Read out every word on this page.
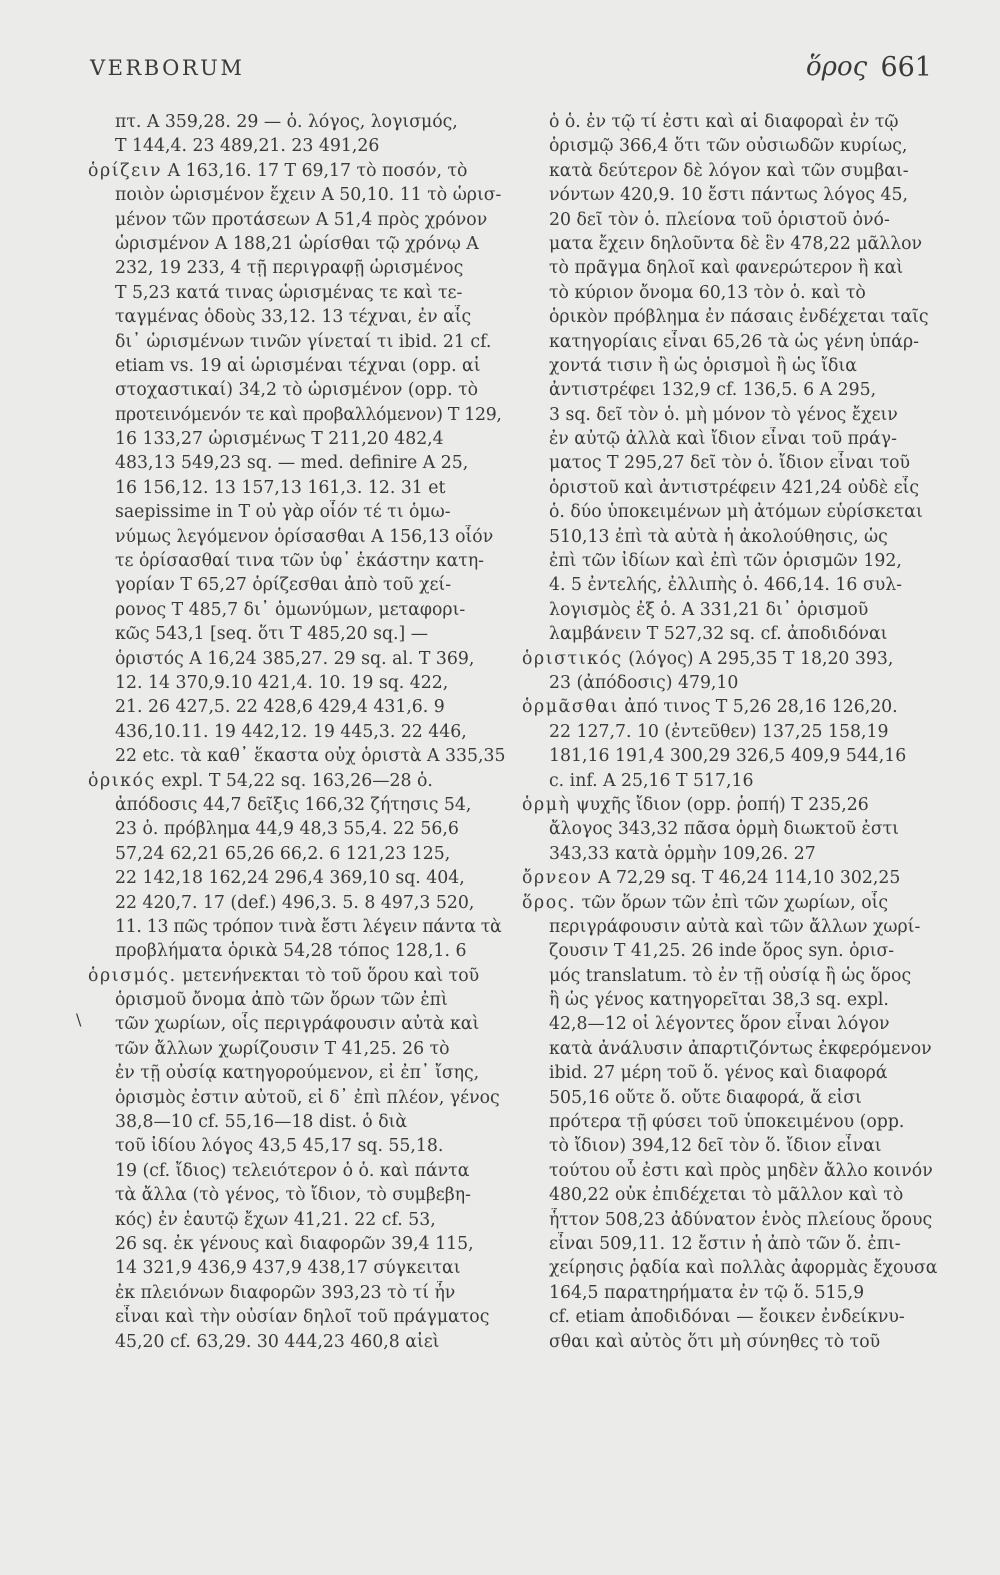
VERBORUM	ὅρος 661
πτ. Α 359,28. 29 — ὁ. λόγος, λογισμός,
Τ 144,4. 23 489,21. 23 491,26
ὁρίζειν Α 163,16. 17 Τ 69,17 τὸ ποσόν, τὸ
ποιὸν ὡρισμένον ἔχειν Α 50,10. 11 τὸ ὡρισ-
μένον τῶν προτάσεων Α 51,4 πρὸς χρόνον
ὡρισμένον Α 188,21 ὡρίσθαι τῷ χρόνῳ Α
232, 19 233, 4 τῇ περιγραφῇ ὡρισμένος
Τ 5,23 κατά τινας ὡρισμένας τε καὶ τε-
ταγμένας ὁδοὺς 33,12. 13 τέχναι, ἐν αἷς
δι᾽ ὡρισμένων τινῶν γίνεταί τι ibid. 21 cf.
etiam vs. 19 αἱ ὡρισμέναι τέχναι (opp. αἱ
στοχαστικαί) 34,2 τὸ ὡρισμένον (opp. τὸ
προτεινόμενόν τε καὶ προβαλλόμενον) Τ 129,
16 133,27 ὡρισμένως Τ 211,20 482,4
483,13 549,23 sq. — med. definire Α 25,
16 156,12. 13 157,13 161,3. 12. 31 et
saepissime in Τ οὐ γὰρ οἷόν τέ τι ὁμω-
νύμως λεγόμενον ὁρίσασθαι Α 156,13 οἷόν
τε ὁρίσασθαί τινα τῶν ὑφ᾽ ἑκάστην κατη-
γορίαν Τ 65,27 ὁρίζεσθαι ἀπὸ τοῦ χεί-
ρονος Τ 485,7 δι᾽ ὁμωνύμων, μεταφορι-
κῶς 543,1 [seq. ὅτι Τ 485,20 sq.] —
ὁριστός Α 16,24 385,27. 29 sq. al. Τ 369,
12. 14 370,9.10 421,4. 10. 19 sq. 422,
21. 26 427,5. 22 428,6 429,4 431,6. 9
436,10.11. 19 442,12. 19 445,3. 22 446,
22 etc. τὰ καθ᾽ ἕκαστα οὐχ ὁριστὰ Α 335,35
ὁρικός expl. Τ 54,22 sq. 163,26—28 ὁ.
ἀπόδοσις 44,7 δεῖξις 166,32 ζήτησις 54,
23 ὁ. πρόβλημα 44,9 48,3 55,4. 22 56,6
57,24 62,21 65,26 66,2. 6 121,23 125,
22 142,18 162,24 296,4 369,10 sq. 404,
22 420,7. 17 (def.) 496,3. 5. 8 497,3 520,
11. 13 πῶς τρόπον τινὰ ἔστι λέγειν πάντα τὰ
προβλήματα ὁρικὰ 54,28 τόπος 128,1. 6
ὁρισμός. μετενήνεκται τὸ τοῦ ὅρου καὶ τοῦ
ὁρισμοῦ ὄνομα ἀπὸ τῶν ὅρων τῶν ἐπὶ
τῶν χωρίων, οἷς περιγράφουσιν αὐτὰ καὶ
τῶν ἄλλων χωρίζουσιν Τ 41,25. 26 τὸ
ἐν τῇ οὐσίᾳ κατηγορούμενον, εἰ ἐπ᾽ ἴσης,
ὁρισμὸς ἐστιν αὐτοῦ, εἰ δ᾽ ἐπὶ πλέον, γένος
38,8—10 cf. 55,16—18 dist. ὁ διὰ
τοῦ ἰδίου λόγος 43,5 45,17 sq. 55,18.
19 (cf. ἴδιος) τελειότερον ὁ ὁ. καὶ πάντα
τὰ ἄλλα (τὸ γένος, τὸ ἴδιον, τὸ συμβεβη-
κός) ἐν ἑαυτῷ ἔχων 41,21. 22 cf. 53,
26 sq. ἐκ γένους καὶ διαφορῶν 39,4 115,
14 321,9 436,9 437,9 438,17 σύγκειται
ἐκ πλειόνων διαφορῶν 393,23 τὸ τί ἦν
εἶναι καὶ τὴν οὐσίαν δηλοῖ τοῦ πράγματος
45,20 cf. 63,29. 30 444,23 460,8 αἰεὶ
ὁ ὁ. ἐν τῷ τί ἐστι καὶ αἱ διαφοραὶ ἐν τῷ
ὁρισμῷ 366,4 ὅτι τῶν οὐσιωδῶν κυρίως,
κατὰ δεύτερον δὲ λόγον καὶ τῶν συμβαι-
νόντων 420,9. 10 ἔστι πάντως λόγος 45,
20 δεῖ τὸν ὁ. πλείονα τοῦ ὁριστοῦ ὀνό-
ματα ἔχειν δηλοῦντα δὲ ἓν 478,22 μᾶλλον
τὸ πρᾶγμα δηλοῖ καὶ φανερώτερον ἢ καὶ
τὸ κύριον ὄνομα 60,13 τὸν ὁ. καὶ τὸ
ὁρικὸν πρόβλημα ἐν πάσαις ἐνδέχεται ταῖς
κατηγορίαις εἶναι 65,26 τὰ ὡς γένη ὑπάρ-
χοντά τισιν ἢ ὡς ὁρισμοὶ ἢ ὡς ἴδια
ἀντιστρέφει 132,9 cf. 136,5. 6 Α 295,
3 sq. δεῖ τὸν ὁ. μὴ μόνον τὸ γένος ἔχειν
ἐν αὐτῷ ἀλλὰ καὶ ἴδιον εἶναι τοῦ πράγ-
ματος Τ 295,27 δεῖ τὸν ὁ. ἴδιον εἶναι τοῦ
ὁριστοῦ καὶ ἀντιστρέφειν 421,24 οὐδὲ εἷς
ὁ. δύο ὑποκειμένων μὴ ἀτόμων εὑρίσκεται
510,13 ἐπὶ τὰ αὐτὰ ἡ ἀκολούθησις, ὡς
ἐπὶ τῶν ἰδίων καὶ ἐπὶ τῶν ὁρισμῶν 192,
4. 5 ἐντελής, ἐλλιπὴς ὁ. 466,14. 16 συλ-
λογισμὸς ἐξ ὁ. Α 331,21 δι᾽ ὁρισμοῦ
λαμβάνειν Τ 527,32 sq. cf. ἀποδιδόναι
ὁριστικός (λόγος) Α 295,35 Τ 18,20 393,
23 (ἀπόδοσις) 479,10
ὁρμᾶσθαι ἀπό τινος Τ 5,26 28,16 126,20.
22 127,7. 10 (ἐντεῦθεν) 137,25 158,19
181,16 191,4 300,29 326,5 409,9 544,16
c. inf. Α 25,16 Τ 517,16
ὁρμὴ ψυχῆς ἴδιον (opp. ῥοπή) Τ 235,26
ἄλογος 343,32 πᾶσα ὁρμὴ διωκτοῦ ἐστι
343,33 κατὰ ὁρμὴν 109,26. 27
ὄρνεον Α 72,29 sq. Τ 46,24 114,10 302,25
ὅρος. τῶν ὅρων τῶν ἐπὶ τῶν χωρίων, οἷς
περιγράφουσιν αὐτὰ καὶ τῶν ἄλλων χωρί-
ζουσιν Τ 41,25. 26 inde ὅρος syn. ὁρισ-
μός translatum. τὸ ἐν τῇ οὐσίᾳ ἢ ὡς ὅρος
ἢ ὡς γένος κατηγορεῖται 38,3 sq. expl.
42,8—12 οἱ λέγοντες ὅρον εἶναι λόγον
κατὰ ἀνάλυσιν ἀπαρτιζόντως ἐκφερόμενον
ibid. 27 μέρη τοῦ ὅ. γένος καὶ διαφορά
505,16 οὔτε ὅ. οὔτε διαφορά, ἅ εἰσι
πρότερα τῇ φύσει τοῦ ὑποκειμένου (opp.
τὸ ἴδιον) 394,12 δεῖ τὸν ὅ. ἴδιον εἶναι
τούτου οὗ ἐστι καὶ πρὸς μηδὲν ἄλλο κοινόν
480,22 οὐκ ἐπιδέχεται τὸ μᾶλλον καὶ τὸ
ἧττον 508,23 ἀδύνατον ἑνὸς πλείους ὅρους
εἶναι 509,11. 12 ἔστιν ἡ ἀπὸ τῶν ὅ. ἐπι-
χείρησις ῥᾳδία καὶ πολλὰς ἀφορμὰς ἔχουσα
164,5 παρατηρήματα ἐν τῷ ὅ. 515,9
cf. etiam ἀποδιδόναι — ἔοικεν ἐνδείκνυ-
σθαι καὶ αὐτὸς ὅτι μὴ σύνηθες τὸ τοῦ
\
